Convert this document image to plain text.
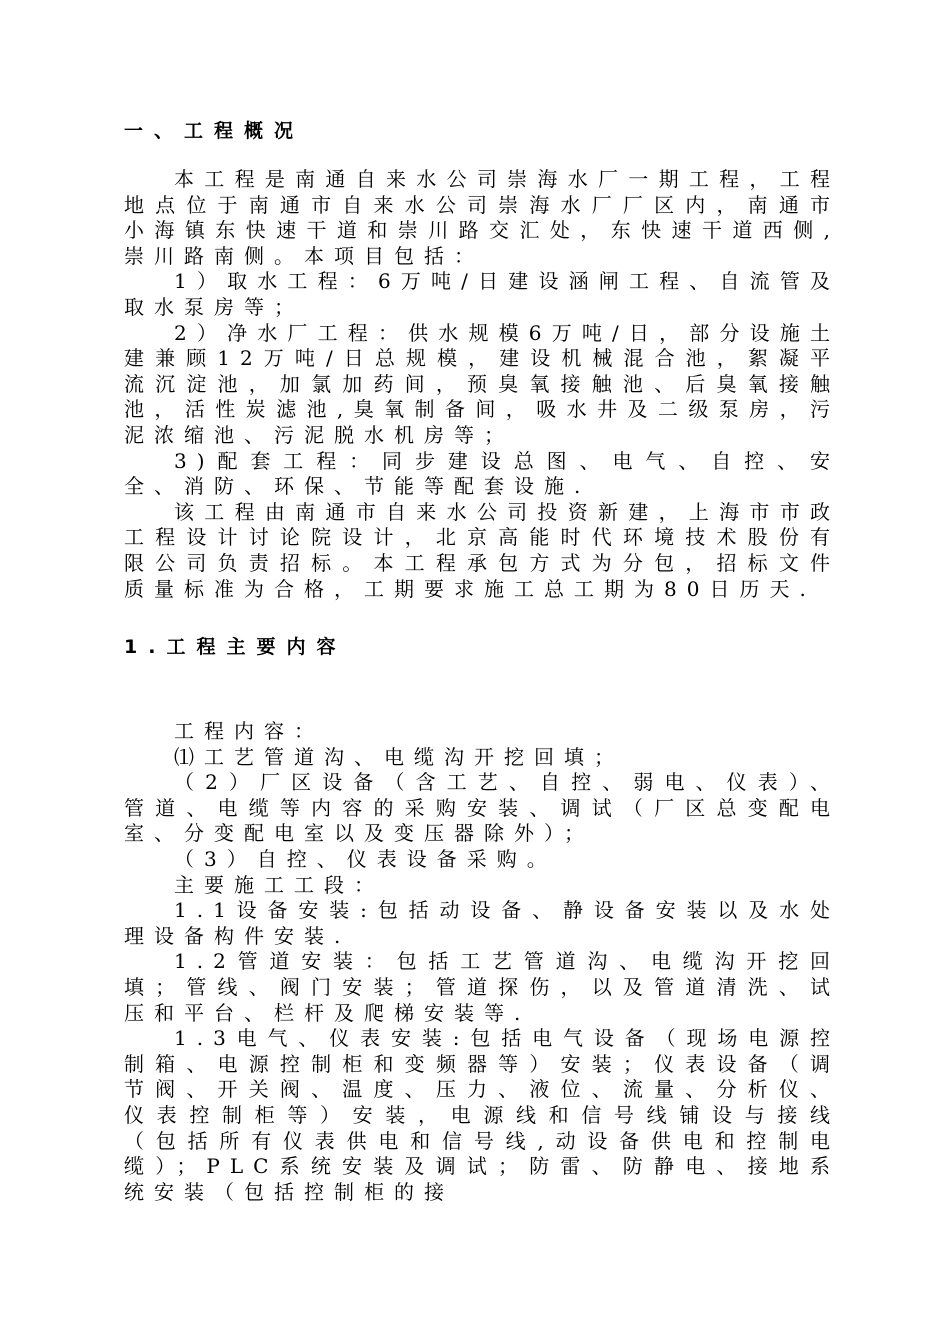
一、工程概况

本工程是南通自来水公司崇海水厂一期工程，工程地点位于南通市自来水公司崇海水厂厂区内，南通市小海镇东快速干道和崇川路交汇处，东快速干道西侧,崇川路南侧。本项目包括：

1）取水工程：6万吨/日建设涵闸工程、自流管及取水泵房等；

2）净水厂工程：供水规模6万吨/日，部分设施土建兼顾12万吨/日总规模，建设机械混合池，絮凝平流沉淀池，加氯加药间，预臭氧接触池、后臭氧接触池，活性炭滤池,臭氧制备间，吸水井及二级泵房，污泥浓缩池、污泥脱水机房等；

3)配套工程：同步建设总图、电气、自控、安全、消防、环保、节能等配套设施.

该工程由南通市自来水公司投资新建，上海市市政工程设计讨论院设计，北京高能时代环境技术股份有限公司负责招标。本工程承包方式为分包，招标文件质量标准为合格，工期要求施工总工期为80日历天.

1.工程主要内容

工程内容：

⑴工艺管道沟、电缆沟开挖回填；

（2）厂区设备（含工艺、自控、弱电、仪表）、管道、电缆等内容的采购安装、调试（厂区总变配电室、分变配电室以及变压器除外）；

（3）自控、仪表设备采购。

主要施工工段：

1.1设备安装:包括动设备、静设备安装以及水处理设备构件安装.

1.2管道安装：包括工艺管道沟、电缆沟开挖回填；管线、阀门安装；管道探伤，以及管道清洗、试压和平台、栏杆及爬梯安装等.

1.3电气、仪表安装:包括电气设备（现场电源控制箱、电源控制柜和变频器等）安装；仪表设备（调节阀、开关阀、温度、压力、液位、流量、分析仪、仪表控制柜等）安装，电源线和信号线铺设与接线（包括所有仪表供电和信号线,动设备供电和控制电缆）；PLC系统安装及调试；防雷、防静电、接地系统安装（包括控制柜的接
